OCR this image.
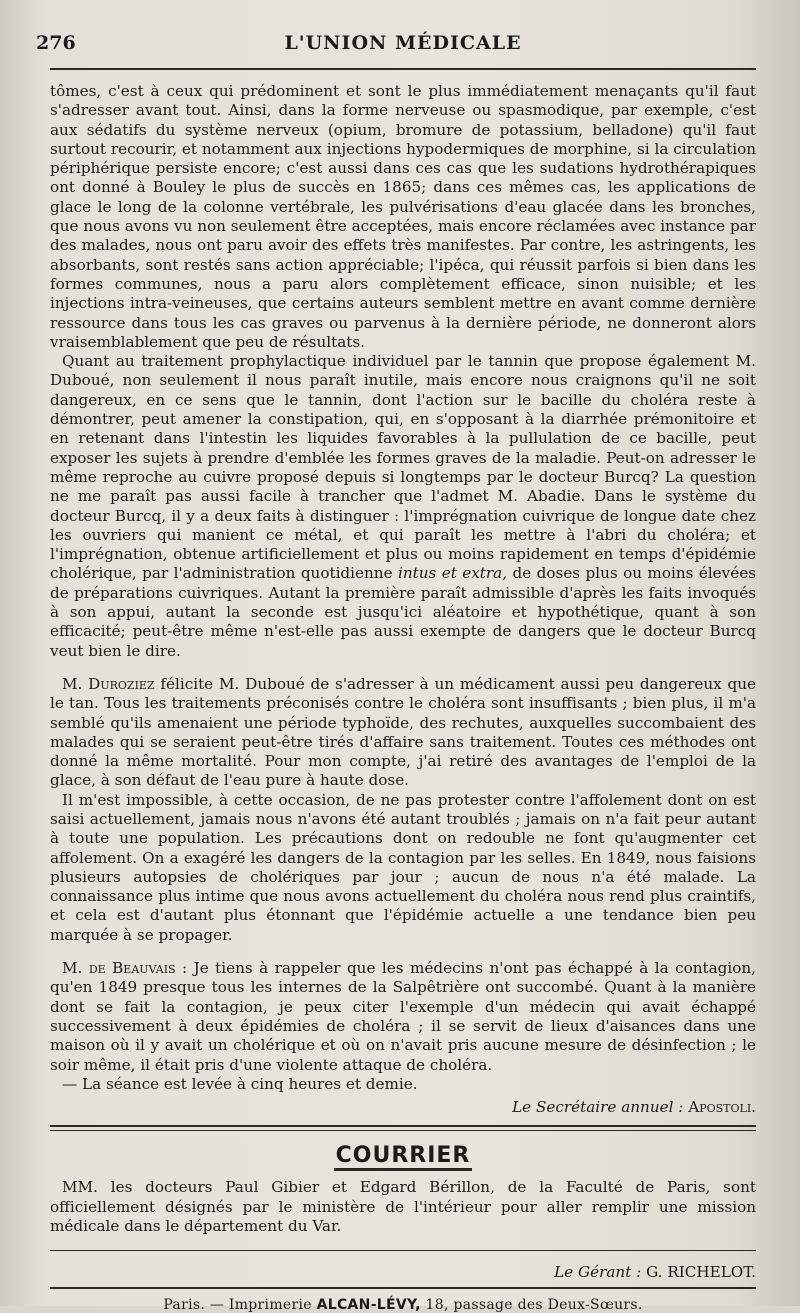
276	L'UNION MÉDICALE

tômes, c'est à ceux qui prédominent et sont le plus immédiatement menaçants qu'il faut s'adresser avant tout. Ainsi, dans la forme nerveuse ou spasmodique, par exemple, c'est aux sédatifs du système nerveux (opium, bromure de potassium, belladone) qu'il faut surtout recourir, et notamment aux injections hypodermiques de morphine, si la circulation périphérique persiste encore; c'est aussi dans ces cas que les sudations hydrothérapiques ont donné à Bouley le plus de succès en 1865; dans ces mêmes cas, les applications de glace le long de la colonne vertébrale, les pulvérisations d'eau glacée dans les bronches, que nous avons vu non seulement être acceptées, mais encore réclamées avec instance par des malades, nous ont paru avoir des effets très manifestes. Par contre, les astringents, les absorbants, sont restés sans action appréciable; l'ipéca, qui réussit parfois si bien dans les formes communes, nous a paru alors complètement efficace, sinon nuisible; et les injections intra-veineuses, que certains auteurs semblent mettre en avant comme dernière ressource dans tous les cas graves ou parvenus à la dernière période, ne donneront alors vraisemblablement que peu de résultats.

Quant au traitement prophylactique individuel par le tannin que propose également M. Duboué, non seulement il nous paraît inutile, mais encore nous craignons qu'il ne soit dangereux, en ce sens que le tannin, dont l'action sur le bacille du choléra reste à démontrer, peut amener la constipation, qui, en s'opposant à la diarrhée prémonitoire et en retenant dans l'intestin les liquides favorables à la pullulation de ce bacille, peut exposer les sujets à prendre d'emblée les formes graves de la maladie. Peut-on adresser le même reproche au cuivre proposé depuis si longtemps par le docteur Burcq? La question ne me paraît pas aussi facile à trancher que l'admet M. Abadie. Dans le système du docteur Burcq, il y a deux faits à distinguer : l'imprégnation cuivrique de longue date chez les ouvriers qui manient ce métal, et qui paraît les mettre à l'abri du choléra; et l'imprégnation, obtenue artificiellement et plus ou moins rapidement en temps d'épidémie cholérique, par l'administration quotidienne intus et extra, de doses plus ou moins élevées de préparations cuivriques. Autant la première paraît admissible d'après les faits invoqués à son appui, autant la seconde est jusqu'ici aléatoire et hypothétique, quant à son efficacité; peut-être même n'est-elle pas aussi exempte de dangers que le docteur Burcq veut bien le dire.

M. Duroziez félicite M. Duboué de s'adresser à un médicament aussi peu dangereux que le tan. Tous les traitements préconisés contre le choléra sont insuffisants ; bien plus, il m'a semblé qu'ils amenaient une période typhoïde, des rechutes, auxquelles succombaient des malades qui se seraient peut-être tirés d'affaire sans traitement. Toutes ces méthodes ont donné la même mortalité. Pour mon compte, j'ai retiré des avantages de l'emploi de la glace, à son défaut de l'eau pure à haute dose.

Il m'est impossible, à cette occasion, de ne pas protester contre l'affolement dont on est saisi actuellement, jamais nous n'avons été autant troublés ; jamais on n'a fait peur autant à toute une population. Les précautions dont on redouble ne font qu'augmenter cet affolement. On a exagéré les dangers de la contagion par les selles. En 1849, nous faisions plusieurs autopsies de cholériques par jour ; aucun de nous n'a été malade. La connaissance plus intime que nous avons actuellement du choléra nous rend plus craintifs, et cela est d'autant plus étonnant que l'épidémie actuelle a une tendance bien peu marquée à se propager.

M. de Beauvais : Je tiens à rappeler que les médecins n'ont pas échappé à la contagion, qu'en 1849 presque tous les internes de la Salpêtrière ont succombé. Quant à la manière dont se fait la contagion, je peux citer l'exemple d'un médecin qui avait échappé successivement à deux épidémies de choléra ; il se servit de lieux d'aisances dans une maison où il y avait un cholérique et où on n'avait pris aucune mesure de désinfection ; le soir même, il était pris d'une violente attaque de choléra.

— La séance est levée à cinq heures et demie.

Le Secrétaire annuel : Apostoli.
COURRIER

MM. les docteurs Paul Gibier et Edgard Bérillon, de la Faculté de Paris, sont officiellement désignés par le ministère de l'intérieur pour aller remplir une mission médicale dans le département du Var.

Le Gérant : G. RICHELOT.
Paris. — Imprimerie ALCAN-LÉVY, 18, passage des Deux-Sœurs.
